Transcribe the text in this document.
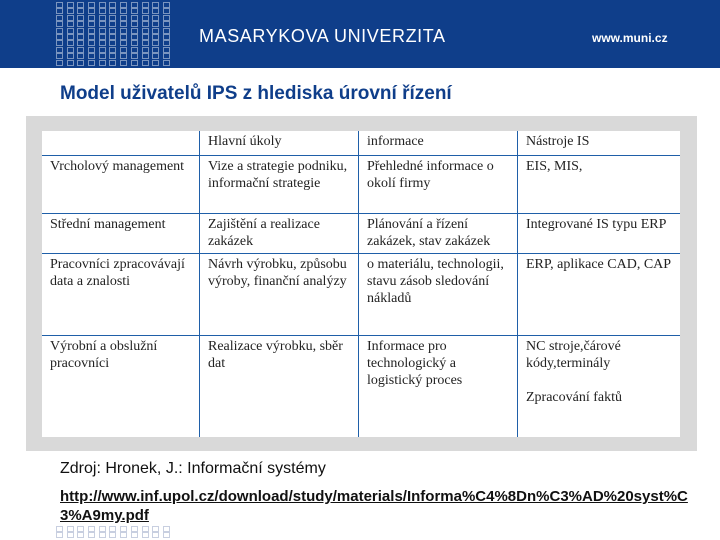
MASARYKOVA UNIVERZITA	www.muni.cz
Model uživatelů IPS z hlediska úrovní řízení
	Hlavní úkoly	informace	Nástroje IS
Vrcholový management	Vize a strategie podniku, informační strategie	Přehledné informace o okolí firmy	EIS, MIS,
Střední management	Zajištění a realizace zakázek	Plánování a řízení zakázek, stav zakázek	Integrované IS typu ERP
Pracovníci zpracovávají data a znalosti	Návrh výrobku, způsobu výroby, finanční analýzy	o materiálu, technologii, stavu zásob sledování nákladů	ERP, aplikace CAD, CAP
Výrobní a obslužní pracovníci	Realizace výrobku, sběr dat	Informace pro technologický a logistický proces	NC stroje,čárové kódy,terminály

Zpracování faktů
Zdroj: Hronek, J.: Informační systémy
http://www.inf.upol.cz/download/study/materials/Informa%C4%8Dn%C3%AD%20syst%C3%A9my.pdf
